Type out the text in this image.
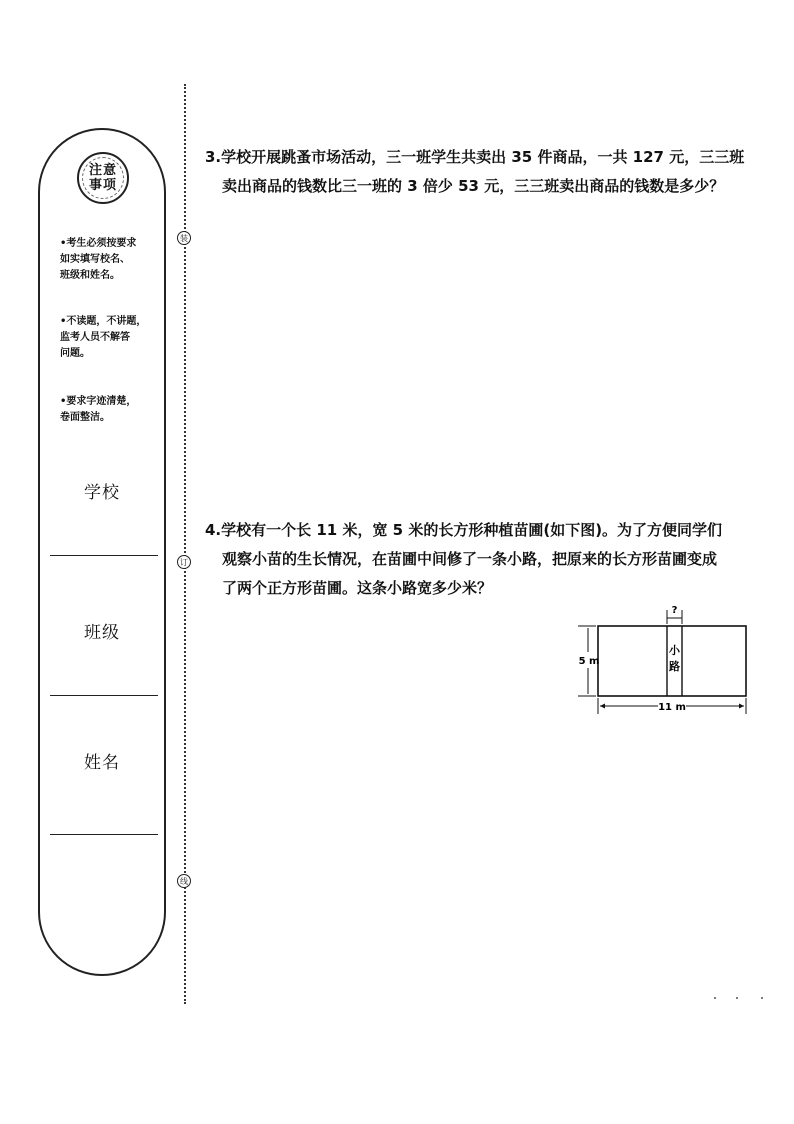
注意
事项
•考生必须按要求
如实填写校名、
班级和姓名。
•不读题，不讲题，
监考人员不解答
问题。
•要求字迹清楚，
卷面整洁。
学校
班级
姓名
装
订
线
3.学校开展跳蚤市场活动，三一班学生共卖出 35 件商品，一共 127 元，三三班
卖出商品的钱数比三一班的 3 倍少 53 元，三三班卖出商品的钱数是多少？
4.学校有一个长 11 米，宽 5 米的长方形种植苗圃(如下图)。为了方便同学们
观察小苗的生长情况，在苗圃中间修了一条小路，把原来的长方形苗圃变成
了两个正方形苗圃。这条小路宽多少米？
小
路
?
5 m
11 m
